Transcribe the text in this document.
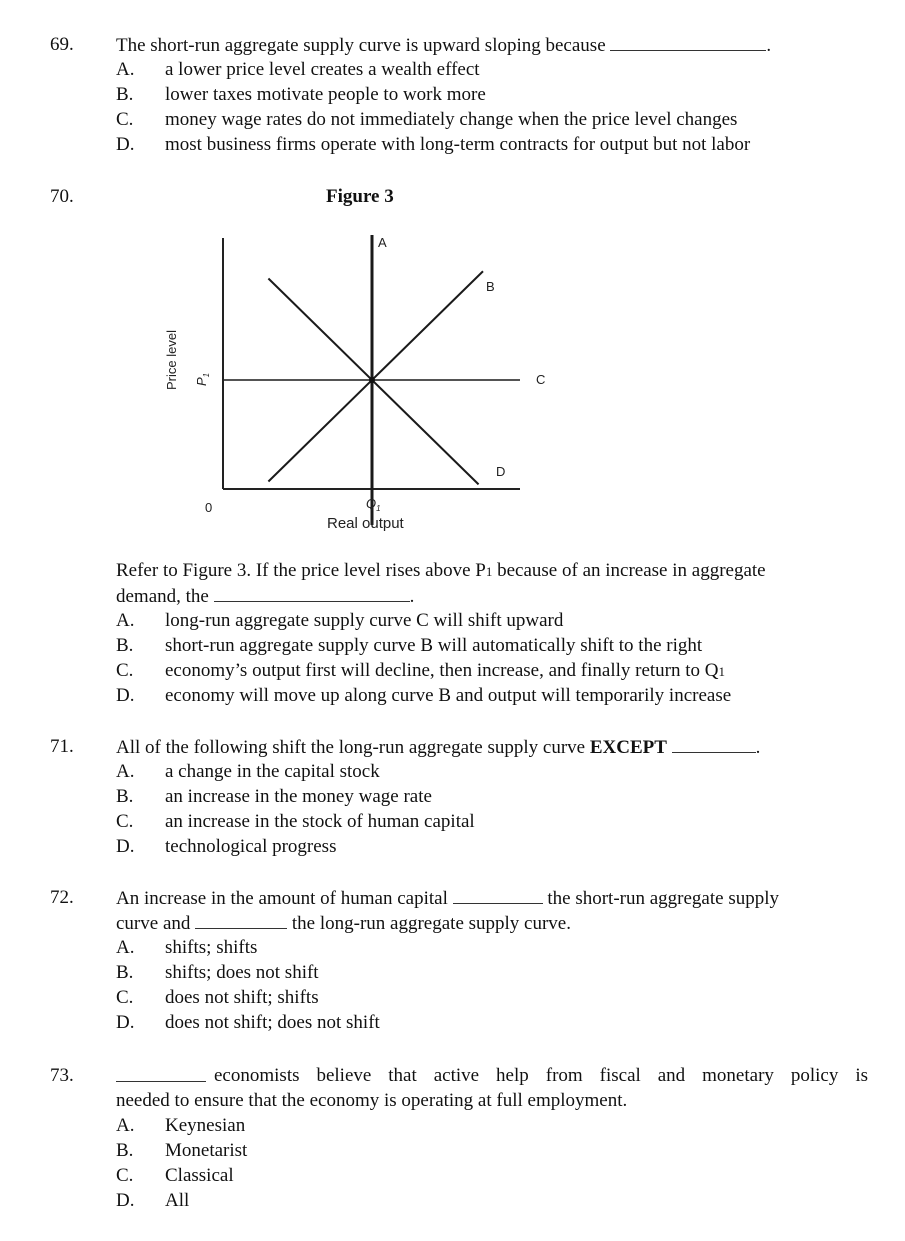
69. The short-run aggregate supply curve is upward sloping because	.
A. a lower price level creates a wealth effect
B. lower taxes motivate people to work more
C. money wage rates do not immediately change when the price level changes
D. most business firms operate with long-term contracts for output but not labor
70.	Figure 3
A
B
C
D
0	$Q_1$
$P_1$
Real output
Price level
Refer to Figure 3. If the price level rises above P1 because of an increase in aggregate
demand, the	.
A. long-run aggregate supply curve C will shift upward
B. short-run aggregate supply curve B will automatically shift to the right
C. economy’s output first will decline, then increase, and finally return to Q1
D. economy will move up along curve B and output will temporarily increase
71. All of the following shift the long-run aggregate supply curve EXCEPT	.
A. a change in the capital stock
B. an increase in the money wage rate
C. an increase in the stock of human capital
D. technological progress
72. An increase in the amount of human capital	the short-run aggregate supply
curve and	the long-run aggregate supply curve.
A. shifts; shifts
B. shifts; does not shift
C. does not shift; shifts
D. does not shift; does not shift
73.	economists believe that active help from fiscal and monetary policy is
needed to ensure that the economy is operating at full employment.
A. Keynesian
B. Monetarist
C. Classical
D. All
